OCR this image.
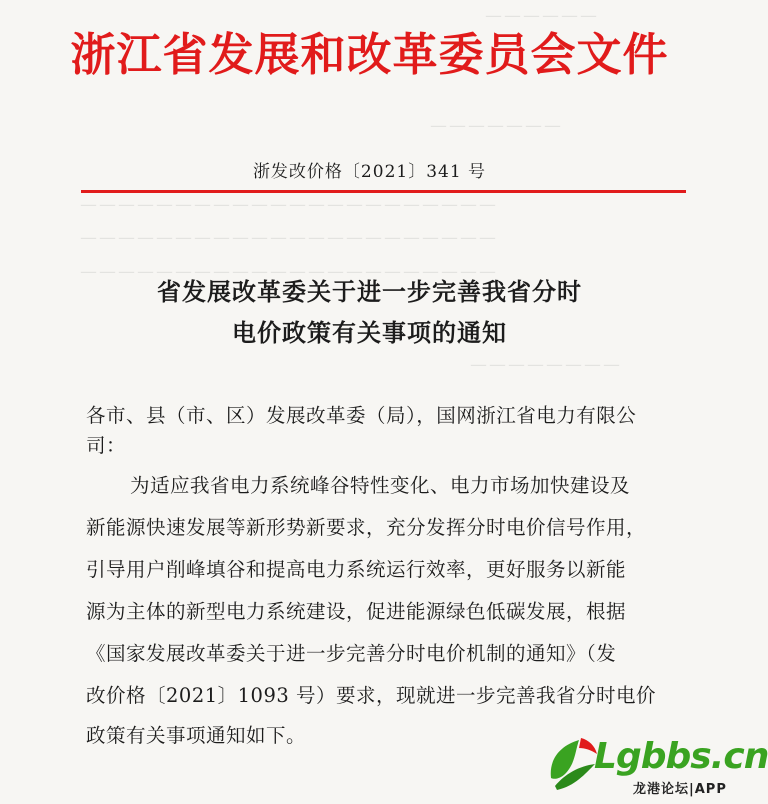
——————
———————
——————————————————————
——————————————————————
——————————————————————
————————
浙江省发展和改革委员会文件
浙发改价格〔2021〕341 号
省发展改革委关于进一步完善我省分时
电价政策有关事项的通知
各市、县（市、区）发展改革委（局），国网浙江省电力有限公
司：
为适应我省电力系统峰谷特性变化、电力市场加快建设及
新能源快速发展等新形势新要求，充分发挥分时电价信号作用，
引导用户削峰填谷和提高电力系统运行效率，更好服务以新能
源为主体的新型电力系统建设，促进能源绿色低碳发展，根据
《国家发展改革委关于进一步完善分时电价机制的通知》（发
改价格〔2021〕1093 号）要求，现就进一步完善我省分时电价
政策有关事项通知如下。
Lgbbs.cn
龙港论坛|APP
